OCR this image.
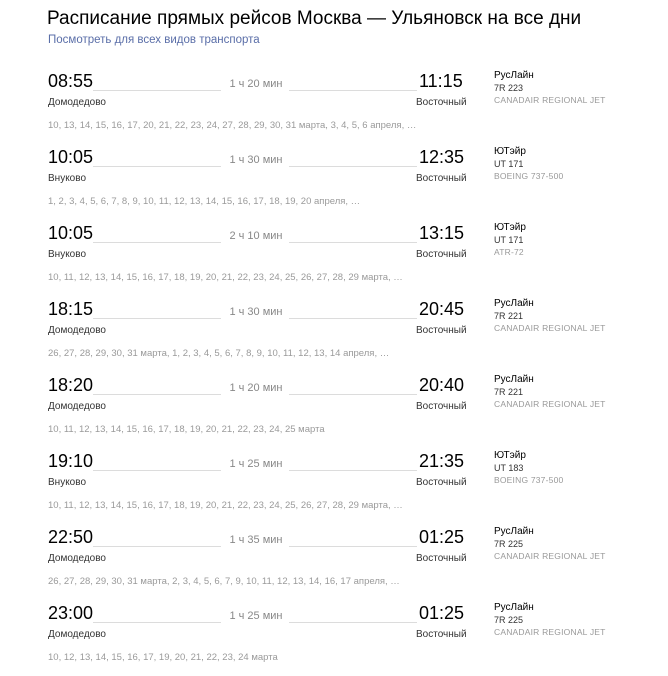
Расписание прямых рейсов Москва — Ульяновск на все дни
Посмотреть для всех видов транспорта
08:55	1 ч 20 мин	11:15
Домодедово	Восточный
РусЛайн
7R 223
CANADAIR REGIONAL JET
10, 13, 14, 15, 16, 17, 20, 21, 22, 23, 24, 27, 28, 29, 30, 31 марта, 3, 4, 5, 6 апреля, …
10:05	1 ч 30 мин	12:35
Внуково	Восточный
ЮТэйр
UT 171
BOEING 737-500
1, 2, 3, 4, 5, 6, 7, 8, 9, 10, 11, 12, 13, 14, 15, 16, 17, 18, 19, 20 апреля, …
10:05	2 ч 10 мин	13:15
Внуково	Восточный
ЮТэйр
UT 171
ATR-72
10, 11, 12, 13, 14, 15, 16, 17, 18, 19, 20, 21, 22, 23, 24, 25, 26, 27, 28, 29 марта, …
18:15	1 ч 30 мин	20:45
Домодедово	Восточный
РусЛайн
7R 221
CANADAIR REGIONAL JET
26, 27, 28, 29, 30, 31 марта, 1, 2, 3, 4, 5, 6, 7, 8, 9, 10, 11, 12, 13, 14 апреля, …
18:20	1 ч 20 мин	20:40
Домодедово	Восточный
РусЛайн
7R 221
CANADAIR REGIONAL JET
10, 11, 12, 13, 14, 15, 16, 17, 18, 19, 20, 21, 22, 23, 24, 25 марта
19:10	1 ч 25 мин	21:35
Внуково	Восточный
ЮТэйр
UT 183
BOEING 737-500
10, 11, 12, 13, 14, 15, 16, 17, 18, 19, 20, 21, 22, 23, 24, 25, 26, 27, 28, 29 марта, …
22:50	1 ч 35 мин	01:25
Домодедово	Восточный
РусЛайн
7R 225
CANADAIR REGIONAL JET
26, 27, 28, 29, 30, 31 марта, 2, 3, 4, 5, 6, 7, 9, 10, 11, 12, 13, 14, 16, 17 апреля, …
23:00	1 ч 25 мин	01:25
Домодедово	Восточный
РусЛайн
7R 225
CANADAIR REGIONAL JET
10, 12, 13, 14, 15, 16, 17, 19, 20, 21, 22, 23, 24 марта
